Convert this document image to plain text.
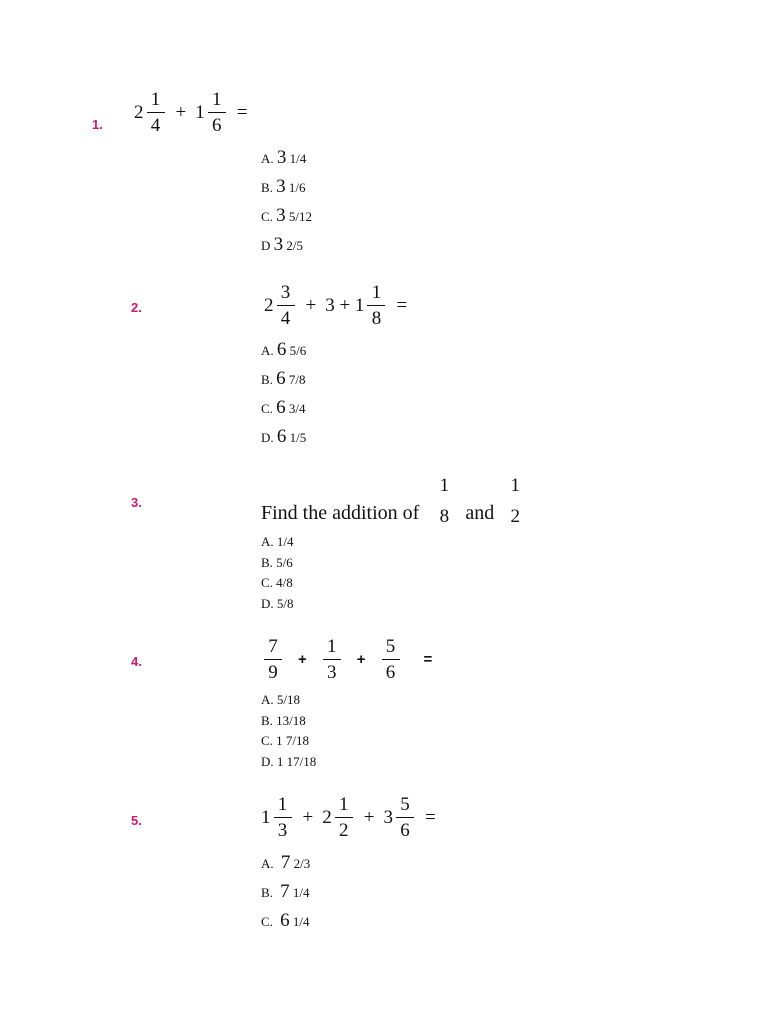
1.
$2 \frac{1}{4} + 1 \frac{1}{6}$ =
A. 3 1/4
B. 3 1/6
C. 3 5/12
D 3 2/5
2.	$2 \frac{3}{4} + 3 + 1 \frac{1}{8}$ =
A. 6 5/6
B. 6 7/8
C. 6 3/4
D. 6 1/5
3.	Find the addition of
1
8 and
1
2
A. 1/4
B. 5/6
C. 4/8
D. 5/8
4.	$\frac{7}{9} + \frac{1}{3} + \frac{5}{6}$ =
A. 5/18
B. 13/18
C. 1 7/18
D. 1 17/18
5.	$1 \frac{1}{3} + 2 \frac{1}{2} + 3 \frac{5}{6}$ =
A. 7 2/3
B. 7 1/4
C. 6 1/4
